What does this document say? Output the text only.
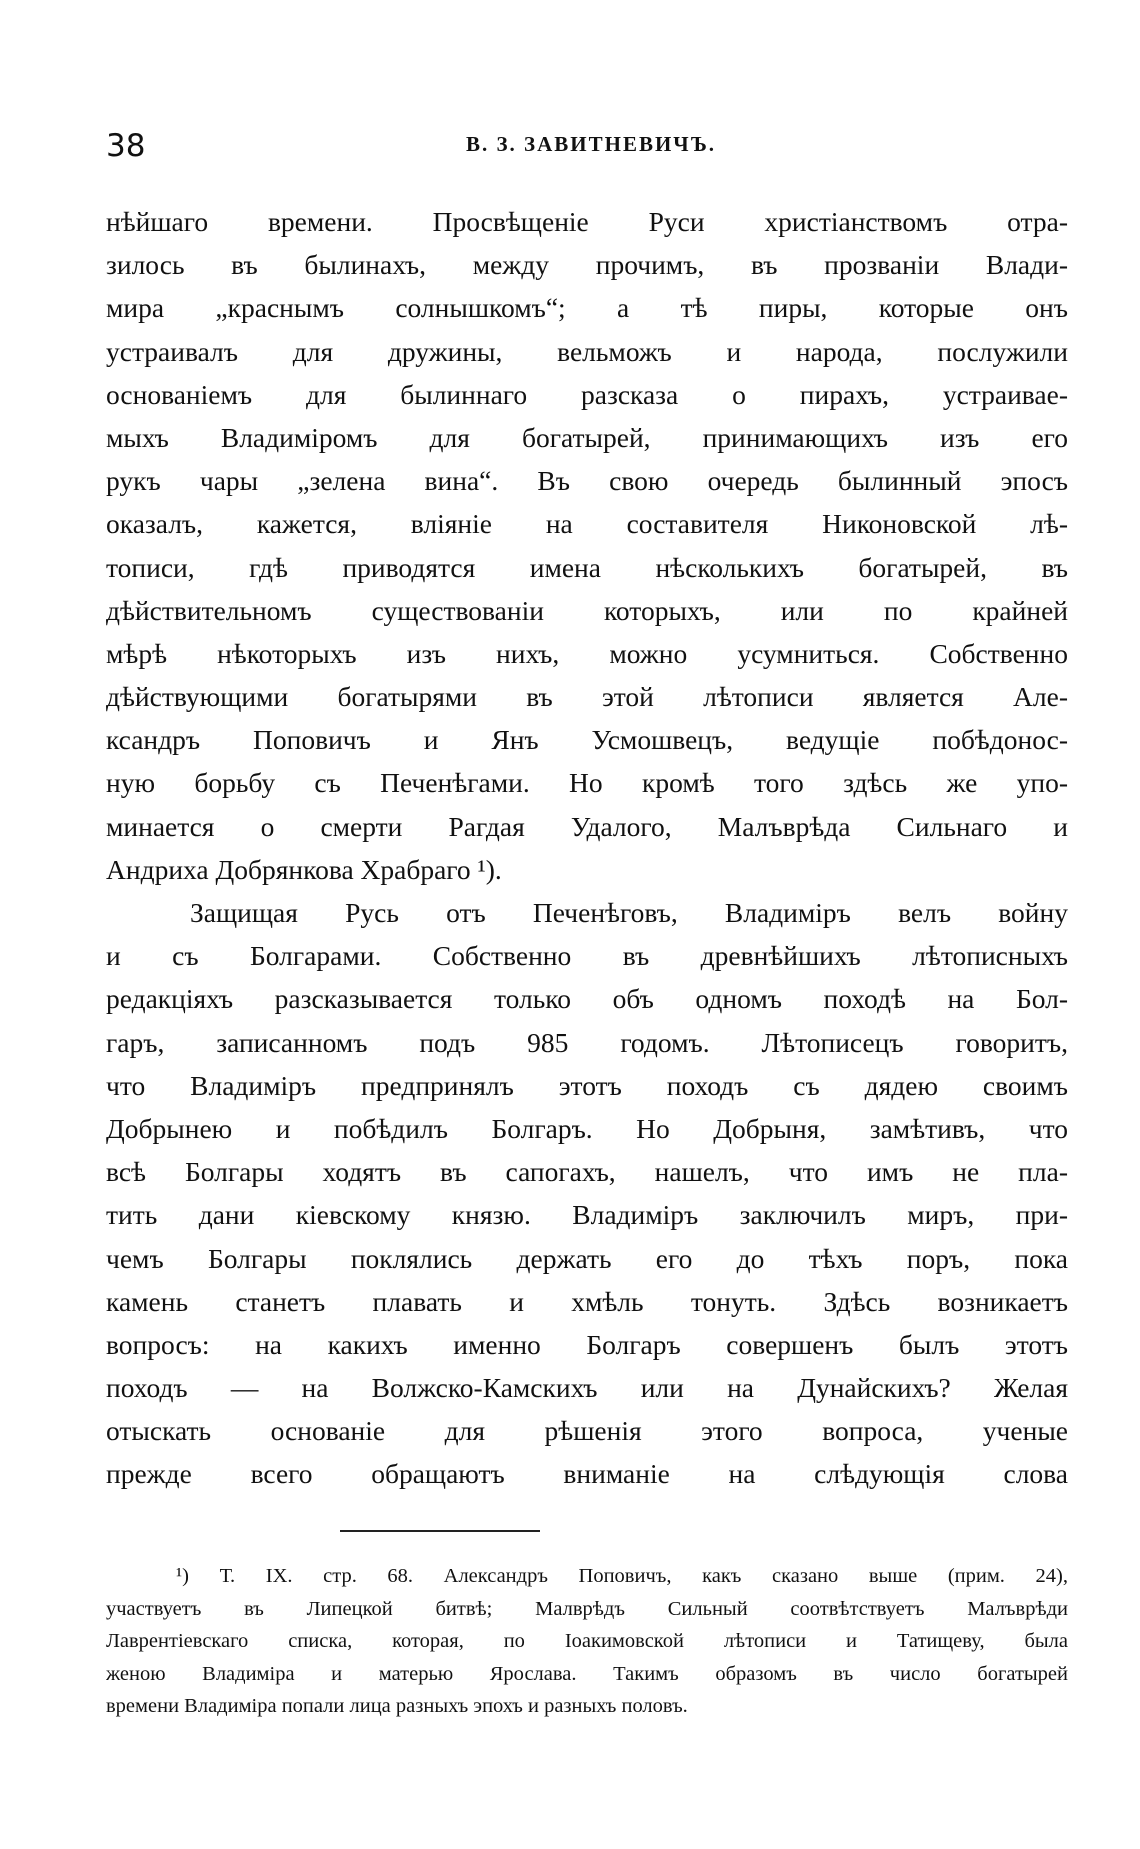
38	В. З. ЗАВИТНЕВИЧЪ.
нѣйшаго времени. Просвѣщеніе Руси христіанствомъ отра-
зилось въ былинахъ, между прочимъ, въ прозваніи Влади-
мира „краснымъ солнышкомъ“; а тѣ пиры, которые онъ
устраивалъ для дружины, вельможъ и народа, послужили
основаніемъ для былиннаго разсказа о пирахъ, устраивае-
мыхъ Владиміромъ для богатырей, принимающихъ изъ его
рукъ чары „зелена вина“. Въ свою очередь былинный эпосъ
оказалъ, кажется, вліяніе на составителя Никоновской лѣ-
тописи, гдѣ приводятся имена нѣсколькихъ богатырей, въ
дѣйствительномъ существованіи которыхъ, или по крайней
мѣрѣ нѣкоторыхъ изъ нихъ, можно усумниться. Собственно
дѣйствующими богатырями въ этой лѣтописи является Але-
ксандръ Поповичъ и Янъ Усмошвецъ, ведущіе побѣдонос-
ную борьбу съ Печенѣгами. Но кромѣ того здѣсь же упо-
минается о смерти Рагдая Удалого, Малъврѣда Сильнаго и
Андриха Добрянкова Храбраго ¹).
Защищая Русь отъ Печенѣговъ, Владиміръ велъ войну
и съ Болгарами. Собственно въ древнѣйшихъ лѣтописныхъ
редакціяхъ разсказывается только объ одномъ походѣ на Бол-
гаръ, записанномъ подъ 985 годомъ. Лѣтописецъ говоритъ,
что Владиміръ предпринялъ этотъ походъ съ дядею своимъ
Добрынею и побѣдилъ Болгаръ. Но Добрыня, замѣтивъ, что
всѣ Болгары ходятъ въ сапогахъ, нашелъ, что имъ не пла-
тить дани кіевскому князю. Владиміръ заключилъ миръ, при-
чемъ Болгары поклялись держать его до тѣхъ поръ, пока
камень станетъ плавать и хмѣль тонуть. Здѣсь возникаетъ
вопросъ: на какихъ именно Болгаръ совершенъ былъ этотъ
походъ — на Волжско-Камскихъ или на Дунайскихъ? Желая
отыскать основаніе для рѣшенія этого вопроса, ученые
прежде всего обращаютъ вниманіе на слѣдующія слова
¹) Т. IX. стр. 68. Александръ Поповичъ, какъ сказано выше (прим. 24),
участвуетъ въ Липецкой битвѣ; Малврѣдъ Сильный соотвѣтствуетъ Малъврѣди
Лаврентіевскаго списка, которая, по Іоакимовской лѣтописи и Татищеву, была
женою Владиміра и матерью Ярослава. Такимъ образомъ въ число богатырей
времени Владиміра попали лица разныхъ эпохъ и разныхъ половъ.
